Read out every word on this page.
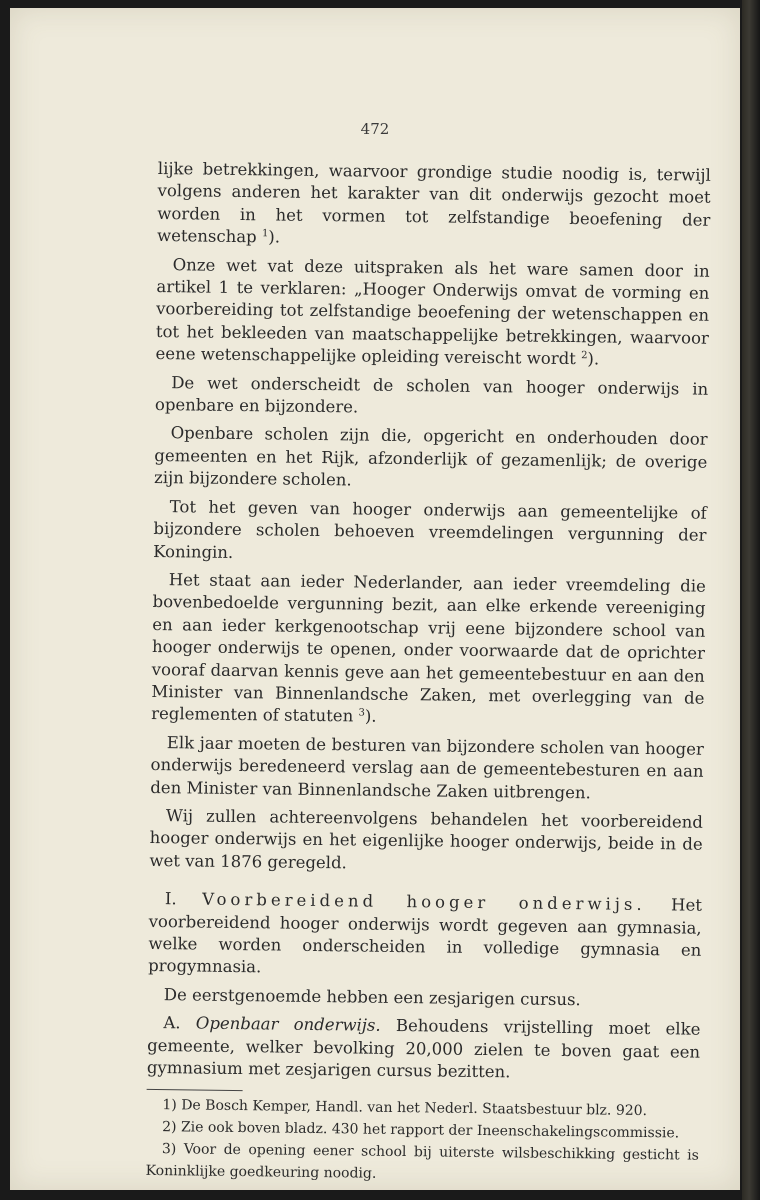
472

lijke betrekkingen, waarvoor grondige studie noodig is, terwijl volgens anderen het karakter van dit onderwijs gezocht moet worden in het vormen tot zelfstandige beoefening der wetenschap $^1$).

Onze wet vat deze uitspraken als het ware samen door in artikel 1 te verklaren: „Hooger Onderwijs omvat de vorming en voorbereiding tot zelfstandige beoefening der wetenschappen en tot het bekleeden van maatschappelijke betrekkingen, waarvoor eene wetenschappelijke opleiding vereischt wordt $^2$).

De wet onderscheidt de scholen van hooger onderwijs in openbare en bijzondere.

Openbare scholen zijn die, opgericht en onderhouden door gemeenten en het Rijk, afzonderlijk of gezamenlijk; de overige zijn bijzondere scholen.

Tot het geven van hooger onderwijs aan gemeentelijke of bijzondere scholen behoeven vreemdelingen vergunning der Koningin.

Het staat aan ieder Nederlander, aan ieder vreemdeling die bovenbedoelde vergunning bezit, aan elke erkende vereeniging en aan ieder kerkgenootschap vrij eene bijzondere school van hooger onderwijs te openen, onder voorwaarde dat de oprichter vooraf daarvan kennis geve aan het gemeentebestuur en aan den Minister van Binnenlandsche Zaken, met overlegging van de reglementen of statuten $^3$).

Elk jaar moeten de besturen van bijzondere scholen van hooger onderwijs beredeneerd verslag aan de gemeentebesturen en aan den Minister van Binnenlandsche Zaken uitbrengen.

Wij zullen achtereenvolgens behandelen het voorbereidend hooger onderwijs en het eigenlijke hooger onderwijs, beide in de wet van 1876 geregeld.

I. Voorbereidend hooger onderwijs. Het voorbereidend hooger onderwijs wordt gegeven aan gymnasia, welke worden onderscheiden in volledige gymnasia en progymnasia.

De eerstgenoemde hebben een zesjarigen cursus.

A. Openbaar onderwijs. Behoudens vrijstelling moet elke gemeente, welker bevolking 20,000 zielen te boven gaat een gymnasium met zesjarigen cursus bezitten.

1) De Bosch Kemper, Handl. van het Nederl. Staatsbestuur blz. 920.

2) Zie ook boven bladz. 430 het rapport der Ineenschakelingscommissie.

3) Voor de opening eener school bij uiterste wilsbeschikking gesticht is Koninklijke goedkeuring noodig.
